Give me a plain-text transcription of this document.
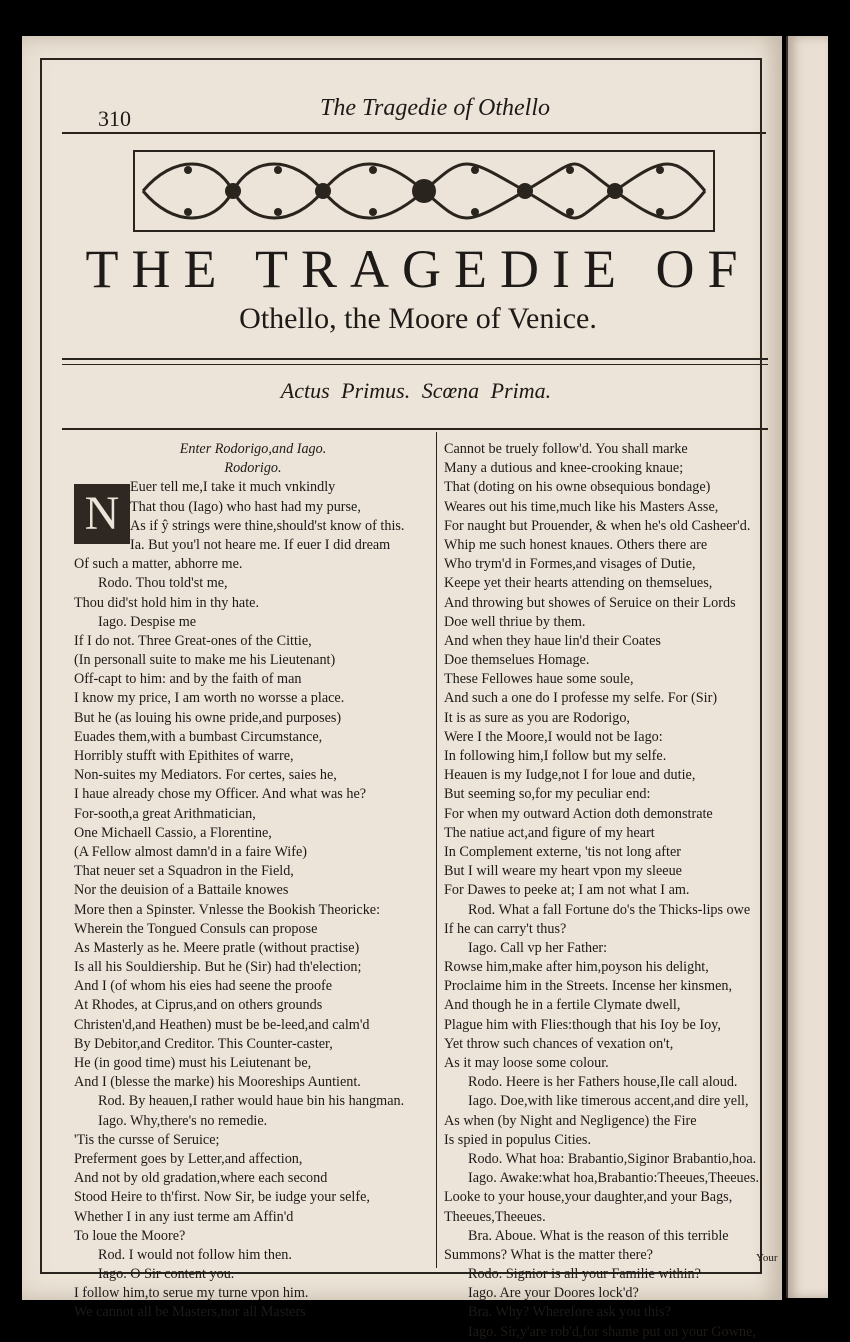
310	The Tragedie of Othello
THE TRAGEDIE OF
Othello, the Moore of Venice.
Actus Primus. Scœna Prima.
Enter Rodorigo,and Iago.
Rodorigo.
N Euer tell me,I take it much vnkindly
That thou (Iago) who hast had my purse,
As if ŷ strings were thine,should'st know of this.
Ia. But you'l not heare me. If euer I did dream
Of such a matter, abhorre me.
Rodo. Thou told'st me,
Thou did'st hold him in thy hate.
Iago. Despise me
If I do not. Three Great-ones of the Cittie,
(In personall suite to make me his Lieutenant)
Off-capt to him: and by the faith of man
I know my price, I am worth no worsse a place.
But he (as louing his owne pride,and purposes)
Euades them,with a bumbast Circumstance,
Horribly stufft with Epithites of warre,
Non-suites my Mediators. For certes, saies he,
I haue already chose my Officer. And what was he?
For-sooth,a great Arithmatician,
One Michaell Cassio, a Florentine,
(A Fellow almost damn'd in a faire Wife)
That neuer set a Squadron in the Field,
Nor the deuision of a Battaile knowes
More then a Spinster. Vnlesse the Bookish Theoricke:
Wherein the Tongued Consuls can propose
As Masterly as he. Meere pratle (without practise)
Is all his Souldiership. But he (Sir) had th'election;
And I (of whom his eies had seene the proofe
At Rhodes, at Ciprus,and on others grounds
Christen'd,and Heathen) must be be-leed,and calm'd
By Debitor,and Creditor. This Counter-caster,
He (in good time) must his Leiutenant be,
And I (blesse the marke) his Mooreships Auntient.
Rod. By heauen,I rather would haue bin his hangman.
Iago. Why,there's no remedie.
'Tis the cursse of Seruice;
Preferment goes by Letter,and affection,
And not by old gradation,where each second
Stood Heire to th'first. Now Sir, be iudge your selfe,
Whether I in any iust terme am Affin'd
To loue the Moore?
Rod. I would not follow him then.
Iago. O Sir content you.
I follow him,to serue my turne vpon him.
We cannot all be Masters,nor all Masters
Cannot be truely follow'd. You shall marke
Many a dutious and knee-crooking knaue;
That (doting on his owne obsequious bondage)
Weares out his time,much like his Masters Asse,
For naught but Prouender, & when he's old Casheer'd.
Whip me such honest knaues. Others there are
Who trym'd in Formes,and visages of Dutie,
Keepe yet their hearts attending on themselues,
And throwing but showes of Seruice on their Lords
Doe well thriue by them.
And when they haue lin'd their Coates
Doe themselues Homage.
These Fellowes haue some soule,
And such a one do I professe my selfe. For (Sir)
It is as sure as you are Rodorigo,
Were I the Moore,I would not be Iago:
In following him,I follow but my selfe.
Heauen is my Iudge,not I for loue and dutie,
But seeming so,for my peculiar end:
For when my outward Action doth demonstrate
The natiue act,and figure of my heart
In Complement externe, 'tis not long after
But I will weare my heart vpon my sleeue
For Dawes to peeke at; I am not what I am.
Rod. What a fall Fortune do's the Thicks-lips owe
If he can carry't thus?
Iago. Call vp her Father:
Rowse him,make after him,poyson his delight,
Proclaime him in the Streets. Incense her kinsmen,
And though he in a fertile Clymate dwell,
Plague him with Flies:though that his Ioy be Ioy,
Yet throw such chances of vexation on't,
As it may loose some colour.
Rodo. Heere is her Fathers house,Ile call aloud.
Iago. Doe,with like timerous accent,and dire yell,
As when (by Night and Negligence) the Fire
Is spied in populus Cities.
Rodo. What hoa: Brabantio,Siginor Brabantio,hoa.
Iago. Awake:what hoa,Brabantio:Theeues,Theeues.
Looke to your house,your daughter,and your Bags,
Theeues,Theeues.
Bra. Aboue. What is the reason of this terrible
Summons? What is the matter there?
Rodo. Signior is all your Familie within?
Iago. Are your Doores lock'd?
Bra. Why? Wherefore ask you this?
Iago. Sir,y'are rob'd,for shame put on your Gowne,
Your
